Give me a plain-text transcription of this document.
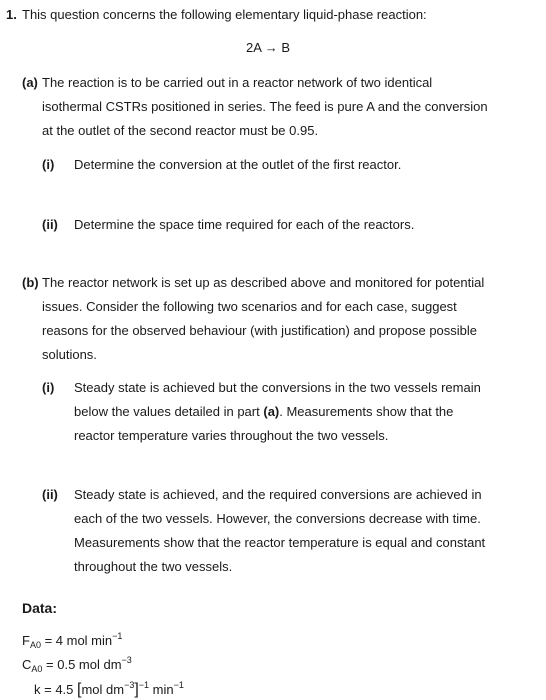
1. This question concerns the following elementary liquid-phase reaction:
2A → B
(a) The reaction is to be carried out in a reactor network of two identical
isothermal CSTRs positioned in series. The feed is pure A and the conversion
at the outlet of the second reactor must be 0.95.
(i) Determine the conversion at the outlet of the first reactor.
(ii) Determine the space time required for each of the reactors.
(b) The reactor network is set up as described above and monitored for potential
issues. Consider the following two scenarios and for each case, suggest
reasons for the observed behaviour (with justification) and propose possible
solutions.
(i) Steady state is achieved but the conversions in the two vessels remain
below the values detailed in part (a). Measurements show that the
reactor temperature varies throughout the two vessels.
(ii) Steady state is achieved, and the required conversions are achieved in
each of the two vessels. However, the conversions decrease with time.
Measurements show that the reactor temperature is equal and constant
throughout the two vessels.
Data:
$F_{A0} = 4$ mol $\min^{-1}$
$C_{A0} = 0.5$ mol $dm^{-3}$
k = 4.5 [mol $dm^{-3}]^{-1}$ $\min^{-1}$
